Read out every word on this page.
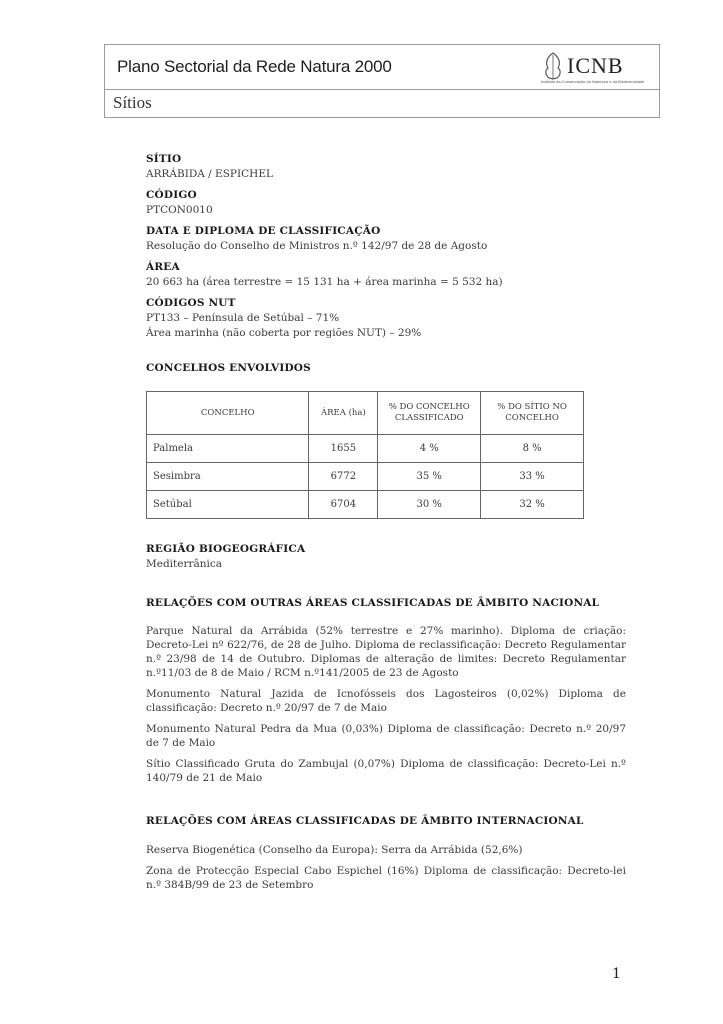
Plano Sectorial da Rede Natura 2000	ICNB
Instituto da Conservação da Natureza e da Biodiversidade
Sítios
SÍTIO
ARRÁBIDA / ESPICHEL
CÓDIGO
PTCON0010
DATA E DIPLOMA DE CLASSIFICAÇÃO
Resolução do Conselho de Ministros n.º 142/97 de 28 de Agosto
ÁREA
20 663 ha (área terrestre = 15 131 ha + área marinha = 5 532 ha)
CÓDIGOS NUT
PT133 – Península de Setúbal – 71%
Área marinha (não coberta por regiões NUT) – 29%
CONCELHOS ENVOLVIDOS
CONCELHO	ÁREA (ha)	% DO CONCELHO CLASSIFICADO	% DO SÍTIO NO CONCELHO
Palmela	1655	4 %	8 %
Sesimbra	6772	35 %	33 %
Setúbal	6704	30 %	32 %
REGIÃO BIOGEOGRÁFICA
Mediterrânica
RELAÇÕES COM OUTRAS ÁREAS CLASSIFICADAS DE ÂMBITO NACIONAL

Parque Natural da Arrábida (52% terrestre e 27% marinho). Diploma de criação: Decreto-Lei nº 622/76, de 28 de Julho. Diploma de reclassificação: Decreto Regulamentar n.º 23/98 de 14 de Outubro. Diplomas de alteração de limites: Decreto Regulamentar n.º11/03 de 8 de Maio / RCM n.º141/2005 de 23 de Agosto

Monumento Natural Jazida de Icnofósseis dos Lagosteiros (0,02%) Diploma de classificação: Decreto n.º 20/97 de 7 de Maio

Monumento Natural Pedra da Mua (0,03%) Diploma de classificação: Decreto n.º 20/97 de 7 de Maio

Sítio Classificado Gruta do Zambujal (0,07%) Diploma de classificação: Decreto-Lei n.º 140/79 de 21 de Maio

RELAÇÕES COM ÁREAS CLASSIFICADAS DE ÂMBITO INTERNACIONAL

Reserva Biogenética (Conselho da Europa): Serra da Arrábida (52,6%)

Zona de Protecção Especial Cabo Espichel (16%) Diploma de classificação: Decreto-lei n.º 384B/99 de 23 de Setembro

1
